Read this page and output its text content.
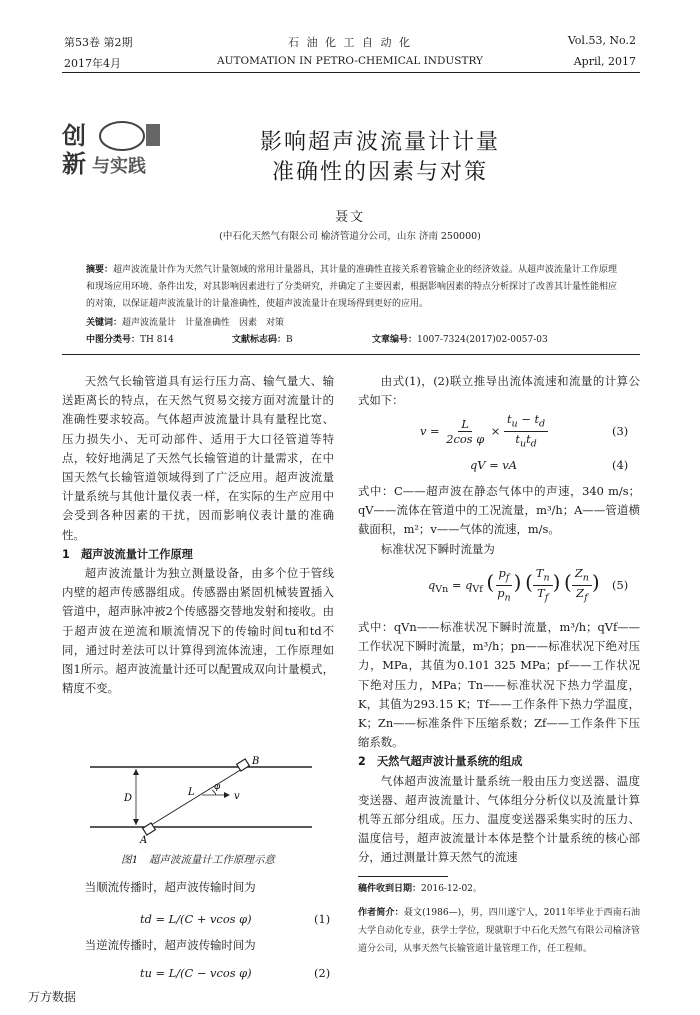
第53卷 第2期	石 油 化 工 自 动 化	Vol.53, No.2
2017年4月	AUTOMATION IN PETRO-CHEMICAL INDUSTRY	April, 2017
创
新 与实践
影响超声波流量计计量
准确性的因素与对策
聂文
(中石化天然气有限公司 榆济管道分公司，山东 济南 250000)
摘要：超声波流量计作为天然气计量领域的常用计量器具，其计量的准确性直接关系着管输企业的经济效益。从超声波流量计工作原理和现场应用环境、条件出发，对其影响因素进行了分类研究，并确定了主要因素，根据影响因素的特点分析探讨了改善其计量性能相应的对策，以保证超声波流量计的计量准确性，使超声波流量计在现场得到更好的应用。
关键词：超声波流量计　计量准确性　因素　对策
中图分类号：TH 814	文献标志码：B	文章编号：1007-7324(2017)02-0057-03

天然气长输管道具有运行压力高、输气量大、输送距离长的特点，在天然气贸易交接方面对流量计的准确性要求较高。气体超声波流量计具有量程比宽、压力损失小、无可动部件、适用于大口径管道等特点，较好地满足了天然气长输管道的计量需求，在中国天然气长输管道领域得到了广泛应用。超声波流量计量系统与其他计量仪表一样，在实际的生产应用中会受到各种因素的干扰，因而影响仪表计量的准确性。

1　超声波流量计工作原理

超声波流量计为独立测量设备，由多个位于管线内壁的超声传感器组成。传感器由紧固机械装置插入管道中，超声脉冲被2个传感器交替地发射和接收。由于超声波在逆流和顺流情况下的传输时间tu和td不同，通过时差法可以计算得到流体流速，工作原理如图1所示。超声波流量计还可以配置成双向计量模式，精度不变。

B
A
D
L φ
v
图1　超声波流量计工作原理示意

当顺流传播时，超声波传输时间为

td = L/(C + vcos φ)	(1)

当逆流传播时，超声波传输时间为

tu = L/(C − vcos φ)	(2)

由式(1)，(2)联立推导出流体流速和流量的计算公式如下：

$v = \frac{L}{\text{2cos φ}} \times \frac{t_u - t_d}{t_ut_d}$	(3)
qV = vA	(4)

式中：C——超声波在静态气体中的声速，340 m/s；qV——流体在管道中的工况流量，m³/h；A——管道横截面积，m²；v——气体的流速，m/s。

标准状况下瞬时流量为

$q_{Vn} = q_{Vf}$ ( $\frac{p_f}{p_n}$ ) ( $\frac{T_n}{T_f}$ ) ( $\frac{Z_n}{Z_f}$ ) (5)

式中：qVn——标准状况下瞬时流量，m³/h；qVf——工作状况下瞬时流量，m³/h；pn——标准状况下绝对压力，MPa，其值为0.101 325 MPa；pf——工作状况下绝对压力，MPa；Tn——标准状况下热力学温度，K，其值为293.15 K；Tf——工作条件下热力学温度，K；Zn——标准条件下压缩系数；Zf——工作条件下压缩系数。

2　天然气超声波计量系统的组成

气体超声波流量计量系统一般由压力变送器、温度变送器、超声波流量计、气体组分分析仪以及流量计算机等五部分组成。压力、温度变送器采集实时的压力、温度信号，超声波流量计本体是整个计量系统的核心部分，通过测量计算天然气的流速

稿件收到日期：2016-12-02。
作者简介：聂文(1986—)，男，四川遂宁人，2011年毕业于西南石油大学自动化专业，获学士学位，现就职于中石化天然气有限公司榆济管道分公司，从事天然气长输管道计量管理工作，任工程师。
万方数据
